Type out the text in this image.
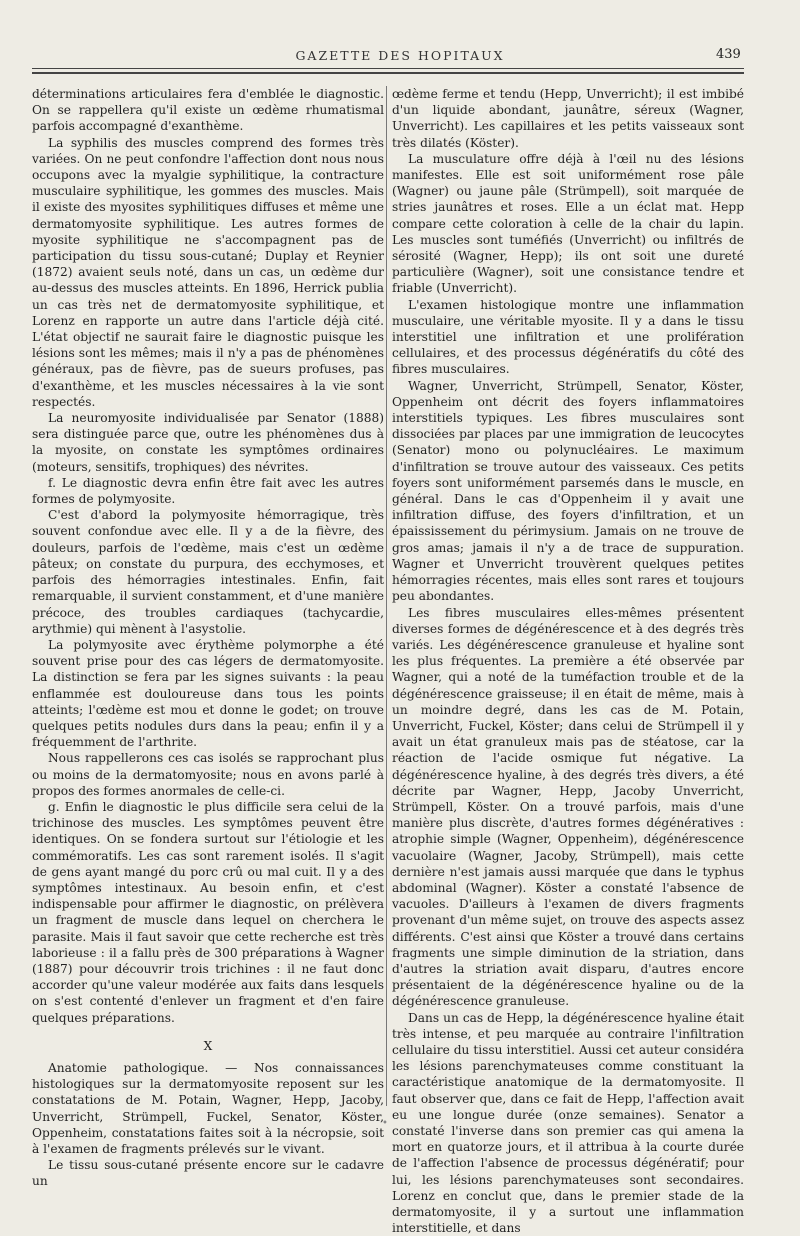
GAZETTE DES HOPITAUX	439

déterminations articulaires fera d'emblée le diagnostic. On se rappellera qu'il existe un œdème rhumatismal parfois accompagné d'exanthème.

La syphilis des muscles comprend des formes très variées. On ne peut confondre l'affection dont nous nous occupons avec la myalgie syphilitique, la contracture musculaire syphilitique, les gommes des muscles. Mais il existe des myosites syphilitiques diffuses et même une dermatomyosite syphilitique. Les autres formes de myosite syphilitique ne s'accompagnent pas de participation du tissu sous-cutané; Duplay et Reynier (1872) avaient seuls noté, dans un cas, un œdème dur au-dessus des muscles atteints. En 1896, Herrick publia un cas très net de dermatomyosite syphilitique, et Lorenz en rapporte un autre dans l'article déjà cité. L'état objectif ne saurait faire le diagnostic puisque les lésions sont les mêmes; mais il n'y a pas de phénomènes généraux, pas de fièvre, pas de sueurs profuses, pas d'exanthème, et les muscles nécessaires à la vie sont respectés.

La neuromyosite individualisée par Senator (1888) sera distinguée parce que, outre les phénomènes dus à la myosite, on constate les symptômes ordinaires (moteurs, sensitifs, trophiques) des névrites.

f. Le diagnostic devra enfin être fait avec les autres formes de polymyosite.

C'est d'abord la polymyosite hémorragique, très souvent confondue avec elle. Il y a de la fièvre, des douleurs, parfois de l'œdème, mais c'est un œdème pâteux; on constate du purpura, des ecchymoses, et parfois des hémorragies intestinales. Enfin, fait remarquable, il survient constamment, et d'une manière précoce, des troubles cardiaques (tachycardie, arythmie) qui mènent à l'asystolie.

La polymyosite avec érythème polymorphe a été souvent prise pour des cas légers de dermatomyosite. La distinction se fera par les signes suivants : la peau enflammée est douloureuse dans tous les points atteints; l'œdème est mou et donne le godet; on trouve quelques petits nodules durs dans la peau; enfin il y a fréquemment de l'arthrite.

Nous rappellerons ces cas isolés se rapprochant plus ou moins de la dermatomyosite; nous en avons parlé à propos des formes anormales de celle-ci.

g. Enfin le diagnostic le plus difficile sera celui de la trichinose des muscles. Les symptômes peuvent être identiques. On se fondera surtout sur l'étiologie et les commémoratifs. Les cas sont rarement isolés. Il s'agit de gens ayant mangé du porc crû ou mal cuit. Il y a des symptômes intestinaux. Au besoin enfin, et c'est indispensable pour affirmer le diagnostic, on prélèvera un fragment de muscle dans lequel on cherchera le parasite. Mais il faut savoir que cette recherche est très laborieuse : il a fallu près de 300 préparations à Wagner (1887) pour découvrir trois trichines : il ne faut donc accorder qu'une valeur modérée aux faits dans lesquels on s'est contenté d'enlever un fragment et d'en faire quelques préparations.

X

Anatomie pathologique. — Nos connaissances histologiques sur la dermatomyosite reposent sur les constatations de M. Potain, Wagner, Hepp, Jacoby, Unverricht, Strümpell, Fuckel, Senator, Köster, Oppenheim, constatations faites soit à la nécropsie, soit à l'examen de fragments prélevés sur le vivant.

Le tissu sous-cutané présente encore sur le cadavre un

œdème ferme et tendu (Hepp, Unverricht); il est imbibé d'un liquide abondant, jaunâtre, séreux (Wagner, Unverricht). Les capillaires et les petits vaisseaux sont très dilatés (Köster).

La musculature offre déjà à l'œil nu des lésions manifestes. Elle est soit uniformément rose pâle (Wagner) ou jaune pâle (Strümpell), soit marquée de stries jaunâtres et roses. Elle a un éclat mat. Hepp compare cette coloration à celle de la chair du lapin. Les muscles sont tuméfiés (Unverricht) ou infiltrés de sérosité (Wagner, Hepp); ils ont soit une dureté particulière (Wagner), soit une consistance tendre et friable (Unverricht).

L'examen histologique montre une inflammation musculaire, une véritable myosite. Il y a dans le tissu interstitiel une infiltration et une prolifération cellulaires, et des processus dégénératifs du côté des fibres musculaires.

Wagner, Unverricht, Strümpell, Senator, Köster, Oppenheim ont décrit des foyers inflammatoires interstitiels typiques. Les fibres musculaires sont dissociées par places par une immigration de leucocytes (Senator) mono ou polynucléaires. Le maximum d'infiltration se trouve autour des vaisseaux. Ces petits foyers sont uniformément parsemés dans le muscle, en général. Dans le cas d'Oppenheim il y avait une infiltration diffuse, des foyers d'infiltration, et un épaississement du périmysium. Jamais on ne trouve de gros amas; jamais il n'y a de trace de suppuration. Wagner et Unverricht trouvèrent quelques petites hémorragies récentes, mais elles sont rares et toujours peu abondantes.

Les fibres musculaires elles-mêmes présentent diverses formes de dégénérescence et à des degrés très variés. Les dégénérescence granuleuse et hyaline sont les plus fréquentes. La première a été observée par Wagner, qui a noté de la tuméfaction trouble et de la dégénérescence graisseuse; il en était de même, mais à un moindre degré, dans les cas de M. Potain, Unverricht, Fuckel, Köster; dans celui de Strümpell il y avait un état granuleux mais pas de stéatose, car la réaction de l'acide osmique fut négative. La dégénérescence hyaline, à des degrés très divers, a été décrite par Wagner, Hepp, Jacoby Unverricht, Strümpell, Köster. On a trouvé parfois, mais d'une manière plus discrète, d'autres formes dégénératives : atrophie simple (Wagner, Oppenheim), dégénérescence vacuolaire (Wagner, Jacoby, Strümpell), mais cette dernière n'est jamais aussi marquée que dans le typhus abdominal (Wagner). Köster a constaté l'absence de vacuoles. D'ailleurs à l'examen de divers fragments provenant d'un même sujet, on trouve des aspects assez différents. C'est ainsi que Köster a trouvé dans certains fragments une simple diminution de la striation, dans d'autres la striation avait disparu, d'autres encore présentaient de la dégénérescence hyaline ou de la dégénérescence granuleuse.

Dans un cas de Hepp, la dégénérescence hyaline était très intense, et peu marquée au contraire l'infiltration cellulaire du tissu interstitiel. Aussi cet auteur considéra les lésions parenchymateuses comme constituant la caractéristique anatomique de la dermatomyosite. Il faut observer que, dans ce fait de Hepp, l'affection avait eu une longue durée (onze semaines). Senator a constaté l'inverse dans son premier cas qui amena la mort en quatorze jours, et il attribua à la courte durée de l'affection l'absence de processus dégénératif; pour lui, les lésions parenchymateuses sont secondaires. Lorenz en conclut que, dans le premier stade de la dermatomyosite, il y a surtout une inflammation interstitielle, et dans

•
